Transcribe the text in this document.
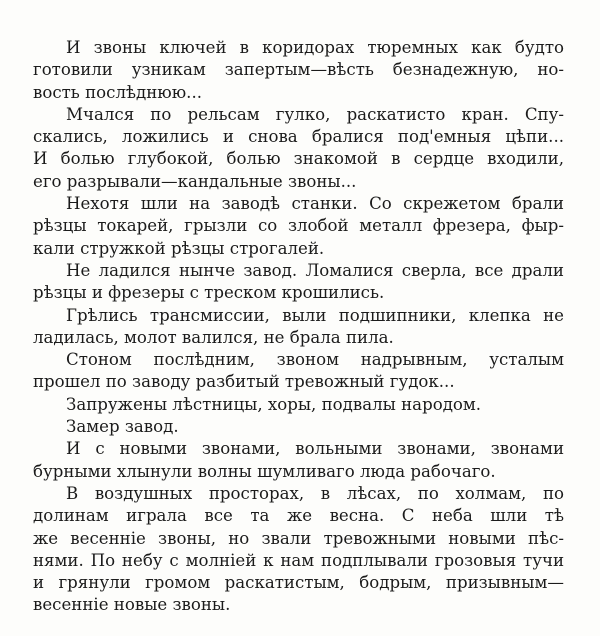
И звоны ключей в коридорах тюремных как будто
готовили узникам запертым—вѣсть безнадежную, но-
вость послѣднюю...
Мчался по рельсам гулко, раскатисто кран. Спу-
скались, ложились и снова бралися под'емныя цѣпи...
И болью глубокой, болью знакомой в сердце входили,
его разрывали—кандальные звоны...
Нехотя шли на заводѣ станки. Со скрежетом брали
рѣзцы токарей, грызли со злобой металл фрезера, фыр-
кали стружкой рѣзцы строгалей.
Не ладился нынче завод. Ломалися сверла, все драли
рѣзцы и фрезеры с треском крошились.
Грѣлись трансмиссии, выли подшипники, клепка не
ладилась, молот валился, не брала пила.
Стоном послѣдним, звоном надрывным, усталым
прошел по заводу разбитый тревожный гудок...
Запружены лѣстницы, хоры, подвалы народом.
Замер завод.
И с новыми звонами, вольными звонами, звонами
бурными хлынули волны шумливаго люда рабочаго.
В воздушных просторах, в лѣсах, по холмам, по
долинам играла все та же весна. С неба шли тѣ
же весеннiе звоны, но звали тревожными новыми пѣс-
нями. По небу с молнiей к нам подплывали грозовыя тучи
и грянули громом раскатистым, бодрым, призывным—
весеннiе новые звоны.
